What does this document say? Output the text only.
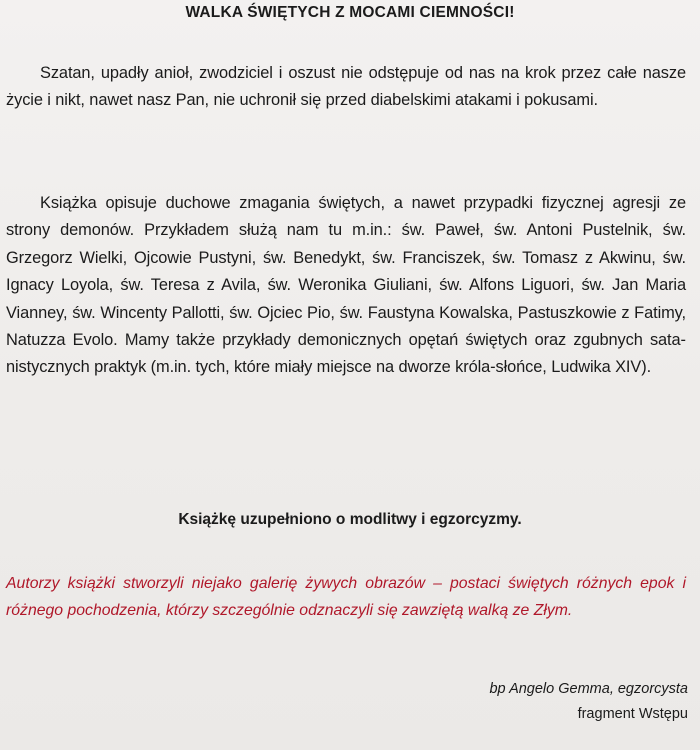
WALKA ŚWIĘTYCH Z MOCAMI CIEMNOŚCI!

Szatan, upadły anioł, zwodziciel i oszust nie odstępuje od nas na krok przez całe nasze życie i nikt, nawet nasz Pan, nie uchronił się przed diabelskimi atakami i pokusami.

Książka opisuje duchowe zmagania świętych, a nawet przypadki fizycznej agresji ze strony demonów. Przykładem służą nam tu m.in.: św. Paweł, św. Antoni Pustelnik, św. Grzegorz Wielki, Ojcowie Pustyni, św. Benedykt, św. Franciszek, św. Tomasz z Akwinu, św. Ignacy Loyola, św. Teresa z Avila, św. Weronika Giuliani, św. Alfons Liguori, św. Jan Maria Vianney, św. Wincenty Pallotti, św. Ojciec Pio, św. Faustyna Kowalska, Pastuszkowie z Fatimy, Natuzza Evolo. Mamy także przykłady demonicznych opętań świętych oraz zgubnych satanistycznych praktyk (m.in. tych, które miały miejsce na dworze króla-słońce, Ludwika XIV).

Książkę uzupełniono o modlitwy i egzorcyzmy.

Autorzy książki stworzyli niejako galerię żywych obrazów – postaci świętych różnych epok i różnego pochodzenia, którzy szczególnie odznaczyli się zawziętą walką ze Złym.

bp Angelo Gemma, egzorcysta
fragment Wstępu
